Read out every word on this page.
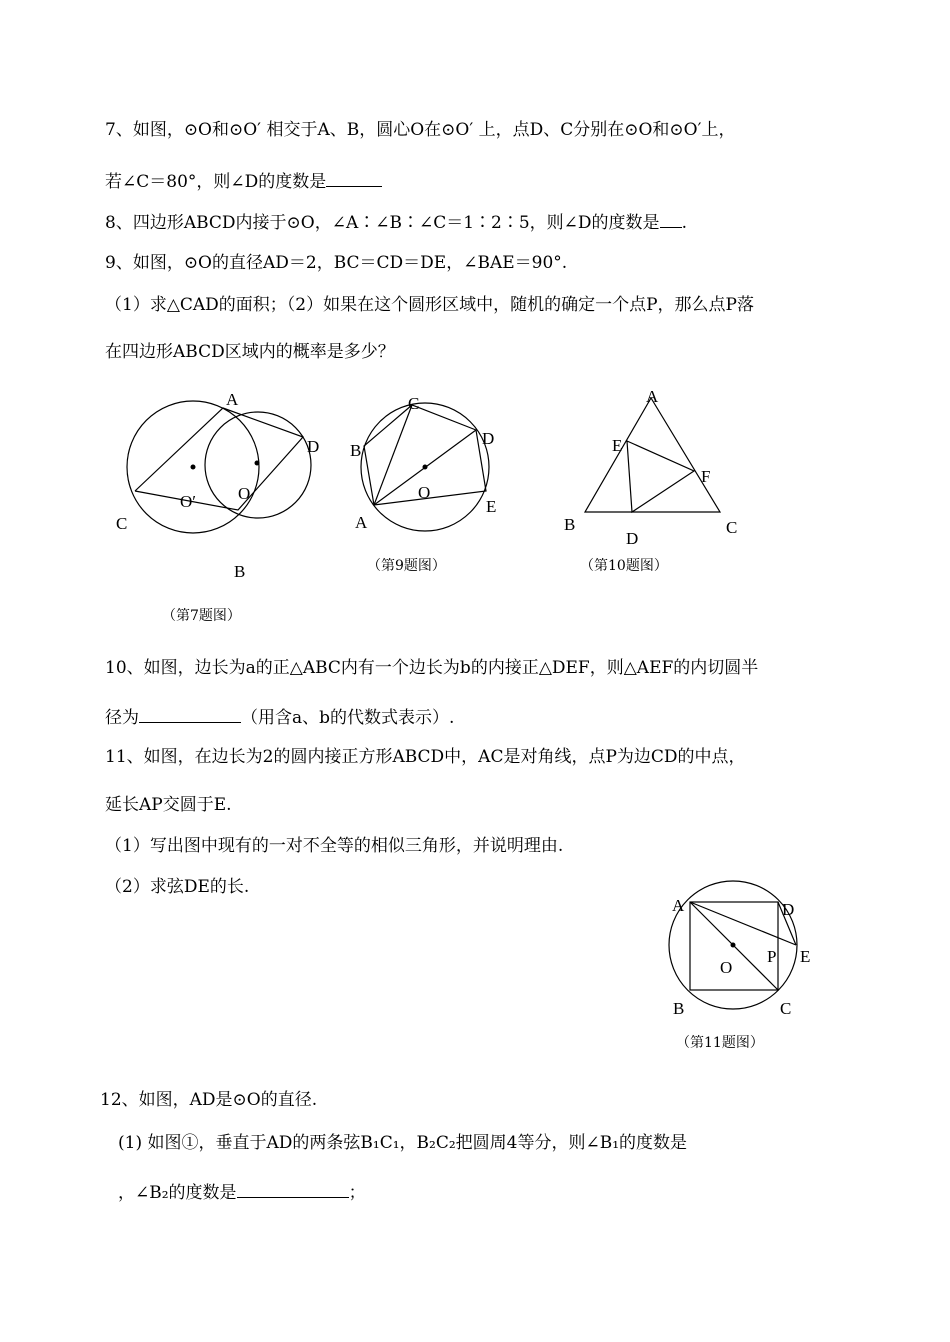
7、如图，⊙O和⊙O′ 相交于A、B，圆心O在⊙O′ 上，点D、C分别在⊙O和⊙O′上，
若∠C＝80°，则∠D的度数是
8、四边形ABCD内接于⊙O，∠A∶∠B∶∠C＝1∶2∶5，则∠D的度数是 .
9、如图，⊙O的直径AD＝2，BC＝CD＝DE，∠BAE＝90°.
（1）求△CAD的面积；（2）如果在这个圆形区域中，随机的确定一个点P，那么点P落
在四边形ABCD区域内的概率是多少？
A
D
C
O′ O
B
（第7题图）
C
B
D
O
E
A
（第9题图）
A
E
F
B
D
C
（第10题图）
10、如图，边长为a的正△ABC内有一个边长为b的内接正△DEF，则△AEF的内切圆半
径为	（用含a、b的代数式表示）.
11、如图，在边长为2的圆内接正方形ABCD中，AC是对角线，点P为边CD的中点，
延长AP交圆于E.
（1）写出图中现有的一对不全等的相似三角形，并说明理由.
（2）求弦DE的长.
A	D
P E
O
B	C
（第11题图）
12、如图，AD是⊙O的直径.
(1) 如图①，垂直于AD的两条弦B₁C₁，B₂C₂把圆周4等分，则∠B₁的度数是
，∠B₂的度数是	；
